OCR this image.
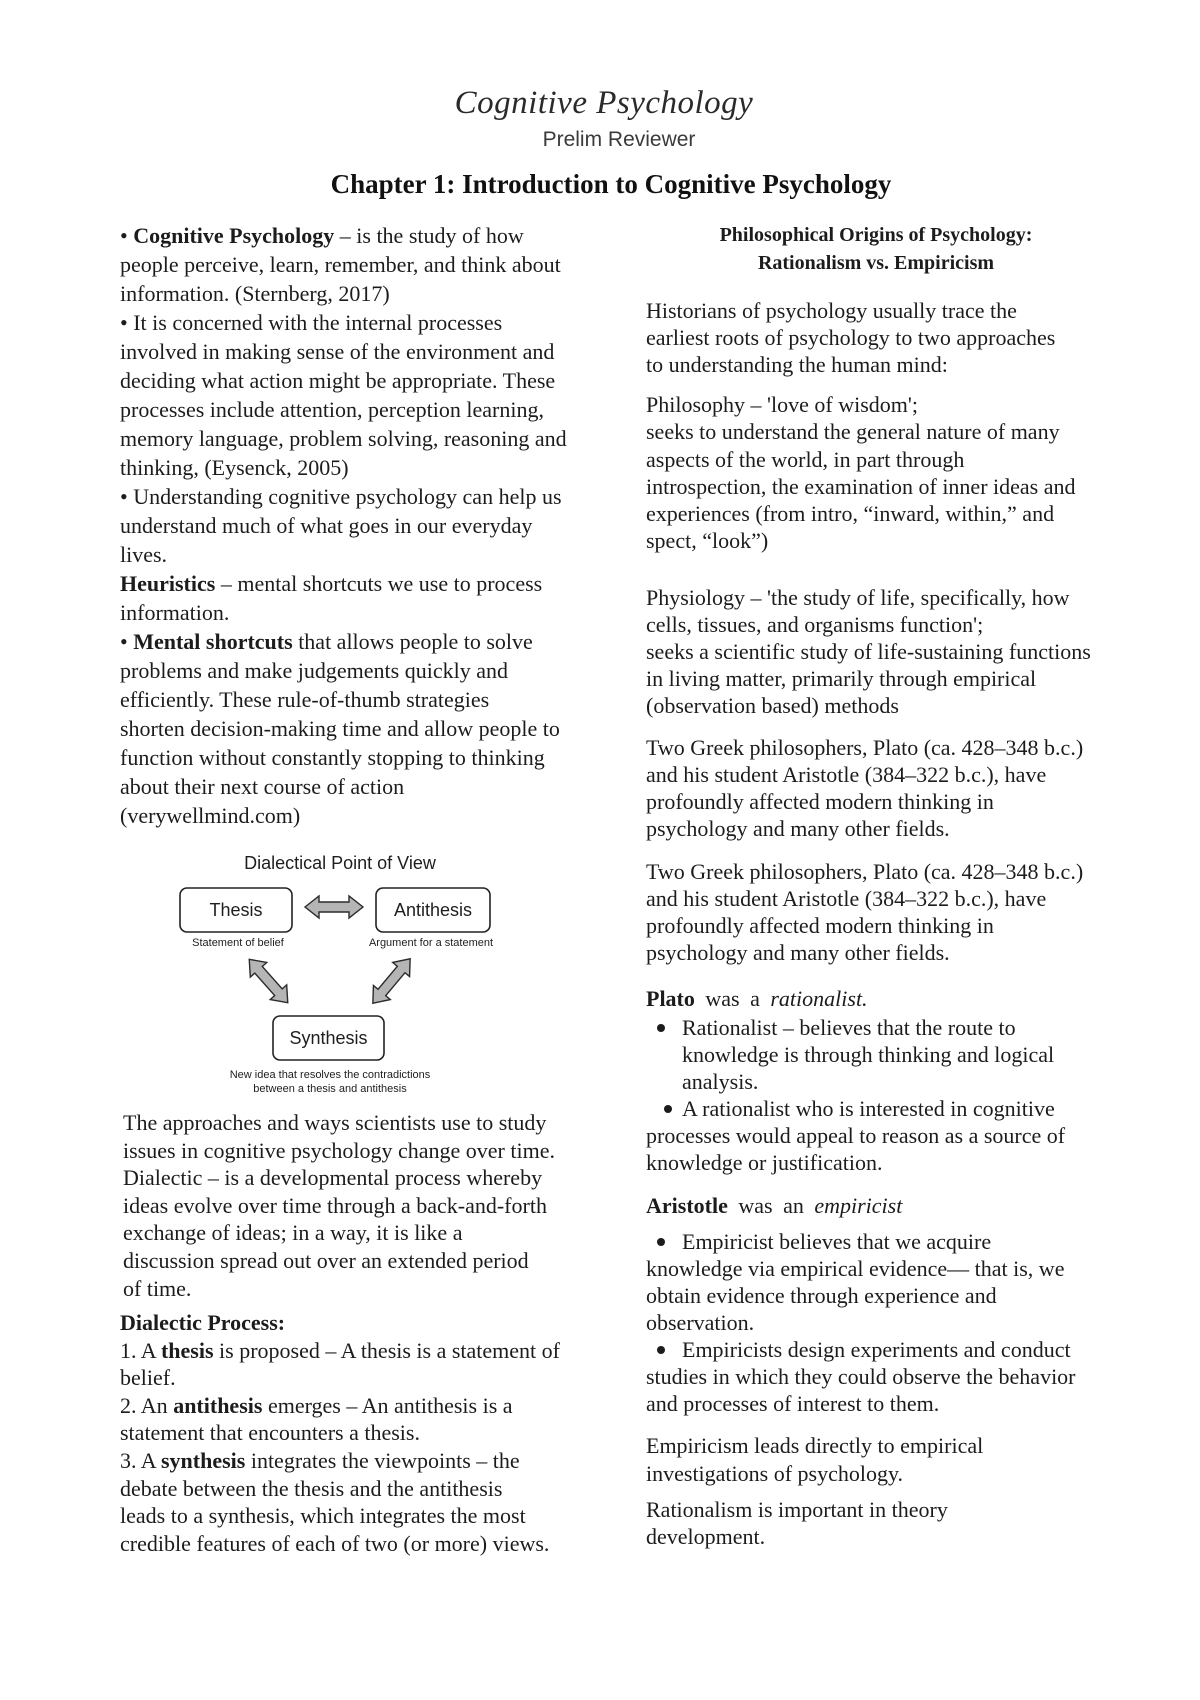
Cognitive Psychology
Prelim Reviewer
Chapter 1: Introduction to Cognitive Psychology
• Cognitive Psychology – is the study of how
people perceive, learn, remember, and think about
information. (Sternberg, 2017)
• It is concerned with the internal processes
involved in making sense of the environment and
deciding what action might be appropriate. These
processes include attention, perception learning,
memory language, problem solving, reasoning and
thinking, (Eysenck, 2005)
• Understanding cognitive psychology can help us
understand much of what goes in our everyday
lives.
Heuristics – mental shortcuts we use to process
information.
• Mental shortcuts that allows people to solve
problems and make judgements quickly and
efficiently. These rule-of-thumb strategies
shorten decision-making time and allow people to
function without constantly stopping to thinking
about their next course of action
(verywellmind.com)
Dialectical Point of View
Thesis	Antithesis
Statement of belief	Argument for a statement
Synthesis
New idea that resolves the contradictions
between a thesis and antithesis
The approaches and ways scientists use to study
issues in cognitive psychology change over time.
Dialectic – is a developmental process whereby
ideas evolve over time through a back-and-forth
exchange of ideas; in a way, it is like a
discussion spread out over an extended period
of time.
Dialectic Process:
1. A thesis is proposed – A thesis is a statement of
belief.
2. An antithesis emerges – An antithesis is a
statement that encounters a thesis.
3. A synthesis integrates the viewpoints – the
debate between the thesis and the antithesis
leads to a synthesis, which integrates the most
credible features of each of two (or more) views.
Philosophical Origins of Psychology:
Rationalism vs. Empiricism
Historians of psychology usually trace the
earliest roots of psychology to two approaches
to understanding the human mind:
Philosophy – 'love of wisdom';
seeks to understand the general nature of many
aspects of the world, in part through
introspection, the examination of inner ideas and
experiences (from intro, “inward, within,” and
spect, “look”)
Physiology – 'the study of life, specifically, how
cells, tissues, and organisms function';
seeks a scientific study of life-sustaining functions
in living matter, primarily through empirical
(observation based) methods
Two Greek philosophers, Plato (ca. 428–348 b.c.)
and his student Aristotle (384–322 b.c.), have
profoundly affected modern thinking in
psychology and many other fields.
Two Greek philosophers, Plato (ca. 428–348 b.c.)
and his student Aristotle (384–322 b.c.), have
profoundly affected modern thinking in
psychology and many other fields.
Plato was a rationalist.
Rationalist – believes that the route to
knowledge is through thinking and logical
analysis.
A rationalist who is interested in cognitive
processes would appeal to reason as a source of
knowledge or justification.
Aristotle was an empiricist
Empiricist believes that we acquire
knowledge via empirical evidence— that is, we
obtain evidence through experience and
observation.
Empiricists design experiments and conduct
studies in which they could observe the behavior
and processes of interest to them.
Empiricism leads directly to empirical
investigations of psychology.
Rationalism is important in theory
development.
